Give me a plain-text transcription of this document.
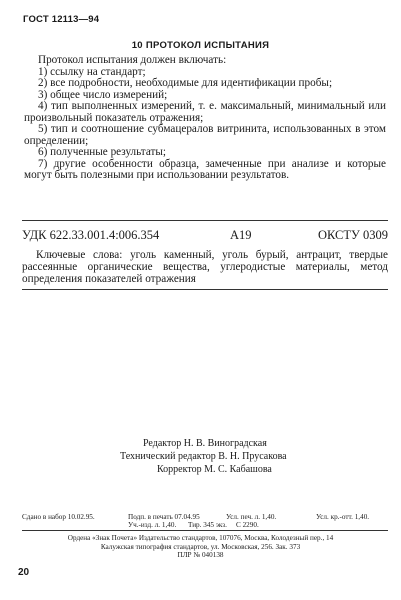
ГОСТ 12113—94
10 ПРОТОКОЛ ИСПЫТАНИЯ
Протокол испытания должен включать:
1) ссылку на стандарт;
2) все подробности, необходимые для идентификации пробы;
3) общее число измерений;
4) тип выполненных измерений, т. е. максимальный, минимальный или произвольный показатель отражения;
5) тип и соотношение субмацералов витринита, использованных в этом определении;
6) полученные результаты;
7) другие особенности образца, замеченные при анализе и которые могут быть полезными при использовании результатов.
УДК 622.33.001.4:006.354	А19	ОКСТУ 0309
Ключевые слова: уголь каменный, уголь бурый, антрацит, твердые рассеянные органические вещества, углеродистые материалы, метод определения показателей отражения
Редактор Н. В. Виноградская
Технический редактор В. Н. Прусакова
Корректор М. С. Кабашова
Сдано в набор 10.02.95.	Подп. в печать 07.04.95	Усл. печ. л. 1,40.	Усл. кр.-отт. 1,40.
Уч.-изд. л. 1,40. Тир. 345 экз. С 2290.
Ордена «Знак Почета» Издательство стандартов, 107076, Москва, Колодезный пер., 14
Калужская типография стандартов, ул. Московская, 256. Зак. 373
ПЛР № 040138
20
